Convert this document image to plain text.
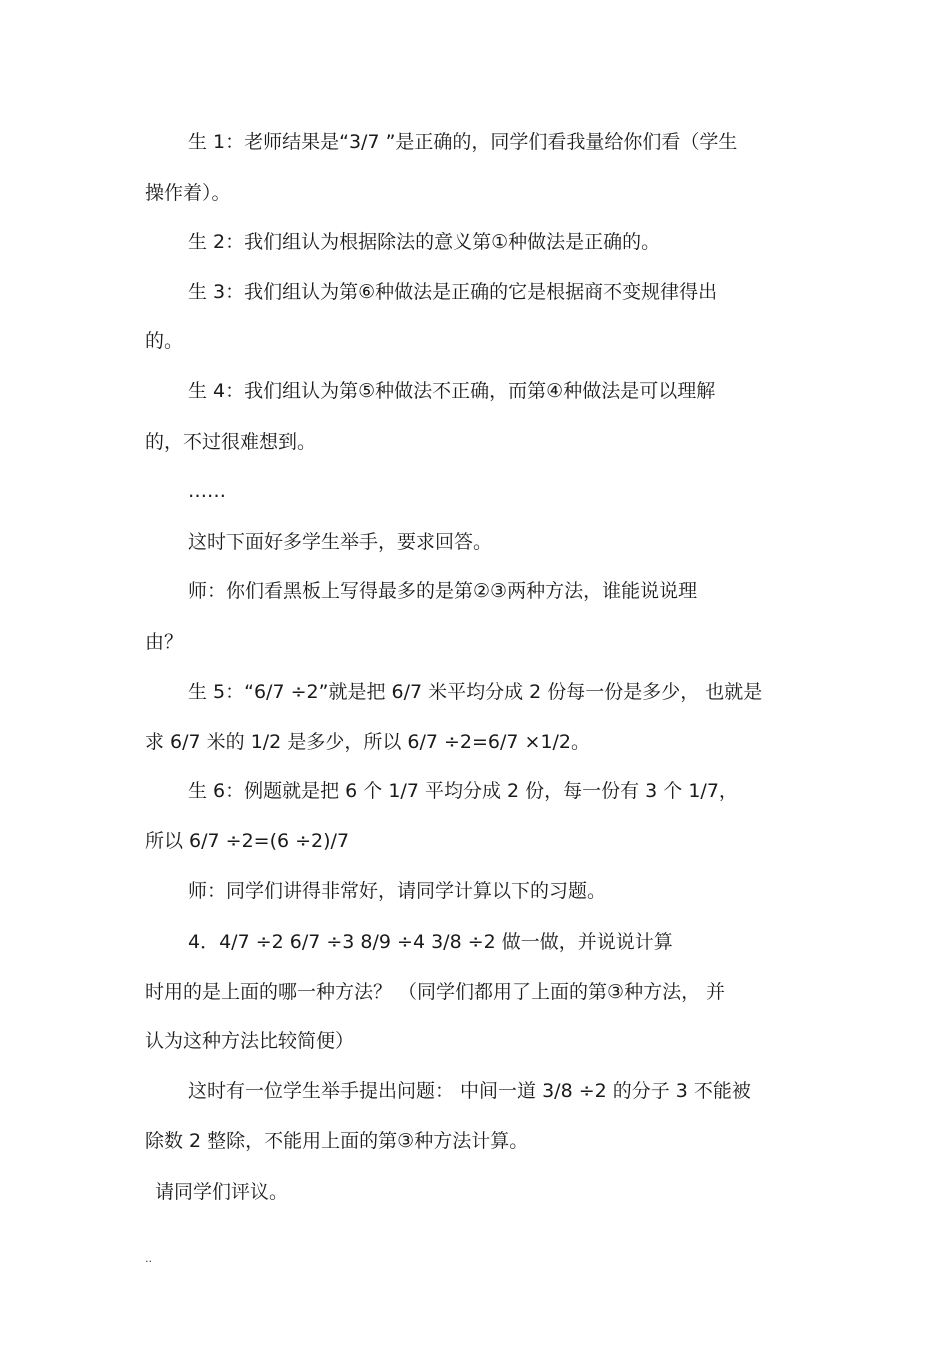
生 1：老师结果是“3/7 ”是正确的，同学们看我量给你们看（学生
操作着）。
生 2：我们组认为根据除法的意义第①种做法是正确的。
生 3：我们组认为第⑥种做法是正确的它是根据商不变规律得出
的。
生 4：我们组认为第⑤种做法不正确，而第④种做法是可以理解
的，不过很难想到。
……
这时下面好多学生举手，要求回答。
师：你们看黑板上写得最多的是第②③两种方法，谁能说说理
由？
生 5：“6/7 ÷2”就是把 6/7 米平均分成 2 份每一份是多少， 也就是
求 6/7 米的 1/2 是多少，所以 6/7 ÷2=6/7 ×1/2。
生 6：例题就是把 6 个 1/7 平均分成 2 份，每一份有 3 个 1/7，
所以 6/7 ÷2=(6 ÷2)/7
师：同学们讲得非常好，请同学计算以下的习题。
4．4/7 ÷2 6/7 ÷3 8/9 ÷4 3/8 ÷2 做一做，并说说计算
时用的是上面的哪一种方法？ （同学们都用了上面的第③种方法， 并
认为这种方法比较简便）
这时有一位学生举手提出问题： 中间一道 3/8 ÷2 的分子 3 不能被
除数 2 整除，不能用上面的第③种方法计算。
请同学们评议。
..
